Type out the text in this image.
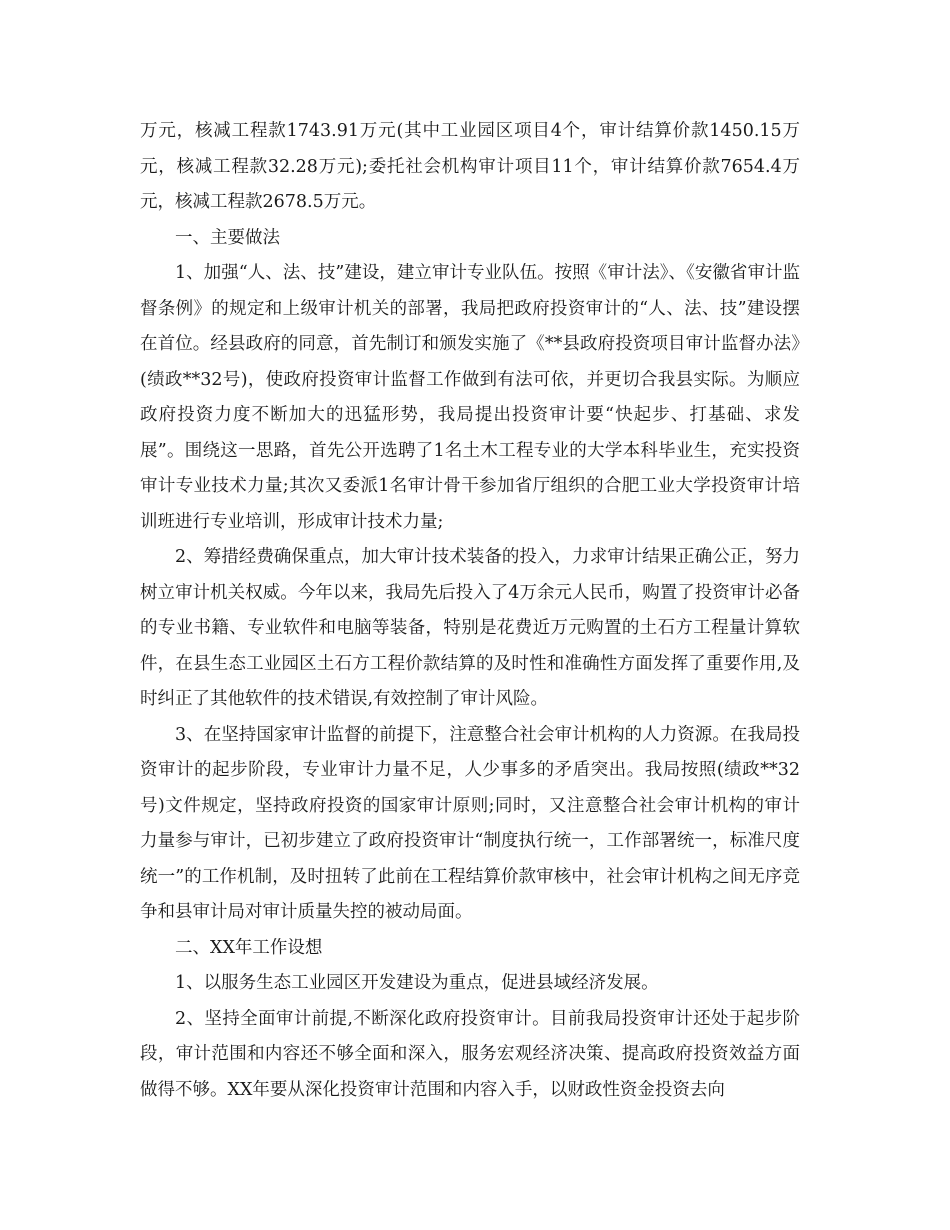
万元，核减工程款1743.91万元(其中工业园区项目4个，审计结算价款1450.15万元，核减工程款32.28万元);委托社会机构审计项目11个，审计结算价款7654.4万元，核减工程款2678.5万元。

一、主要做法

1、加强“人、法、技”建设，建立审计专业队伍。按照《审计法》、《安徽省审计监督条例》的规定和上级审计机关的部署，我局把政府投资审计的“人、法、技”建设摆在首位。经县政府的同意，首先制订和颁发实施了《**县政府投资项目审计监督办法》(绩政**32号)，使政府投资审计监督工作做到有法可依，并更切合我县实际。为顺应政府投资力度不断加大的迅猛形势，我局提出投资审计要“快起步、打基础、求发展”。围绕这一思路，首先公开选聘了1名土木工程专业的大学本科毕业生，充实投资审计专业技术力量;其次又委派1名审计骨干参加省厅组织的合肥工业大学投资审计培训班进行专业培训，形成审计技术力量;

2、筹措经费确保重点，加大审计技术装备的投入，力求审计结果正确公正，努力树立审计机关权威。今年以来，我局先后投入了4万余元人民币，购置了投资审计必备的专业书籍、专业软件和电脑等装备，特别是花费近万元购置的土石方工程量计算软件，在县生态工业园区土石方工程价款结算的及时性和准确性方面发挥了重要作用,及时纠正了其他软件的技术错误,有效控制了审计风险。

3、在坚持国家审计监督的前提下，注意整合社会审计机构的人力资源。在我局投资审计的起步阶段，专业审计力量不足，人少事多的矛盾突出。我局按照(绩政**32号)文件规定，坚持政府投资的国家审计原则;同时，又注意整合社会审计机构的审计力量参与审计，已初步建立了政府投资审计“制度执行统一，工作部署统一，标准尺度统一”的工作机制，及时扭转了此前在工程结算价款审核中，社会审计机构之间无序竞争和县审计局对审计质量失控的被动局面。

二、XX年工作设想

1、以服务生态工业园区开发建设为重点，促进县域经济发展。

2、坚持全面审计前提,不断深化政府投资审计。目前我局投资审计还处于起步阶段，审计范围和内容还不够全面和深入，服务宏观经济决策、提高政府投资效益方面做得不够。XX年要从深化投资审计范围和内容入手，以财政性资金投资去向
